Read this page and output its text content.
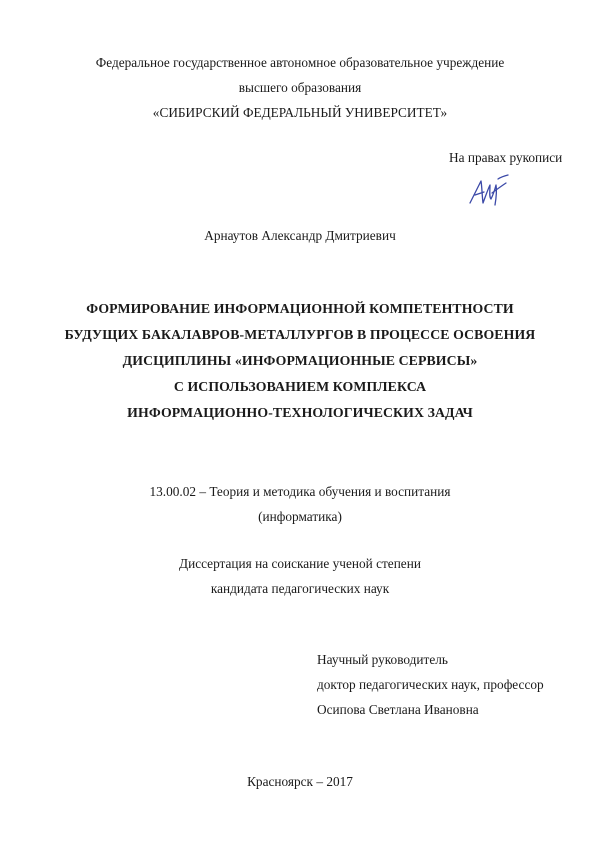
Федеральное государственное автономное образовательное учреждение
высшего образования
«СИБИРСКИЙ ФЕДЕРАЛЬНЫЙ УНИВЕРСИТЕТ»
На правах рукописи
Арнаутов Александр Дмитриевич
ФОРМИРОВАНИЕ ИНФОРМАЦИОННОЙ КОМПЕТЕНТНОСТИ
БУДУЩИХ БАКАЛАВРОВ-МЕТАЛЛУРГОВ В ПРОЦЕССЕ ОСВОЕНИЯ
ДИСЦИПЛИНЫ «ИНФОРМАЦИОННЫЕ СЕРВИСЫ»
С ИСПОЛЬЗОВАНИЕМ КОМПЛЕКСА
ИНФОРМАЦИОННО-ТЕХНОЛОГИЧЕСКИХ ЗАДАЧ
13.00.02 – Теория и методика обучения и воспитания
(информатика)
Диссертация на соискание ученой степени
кандидата педагогических наук
Научный руководитель
доктор педагогических наук, профессор
Осипова Светлана Ивановна
Красноярск – 2017
